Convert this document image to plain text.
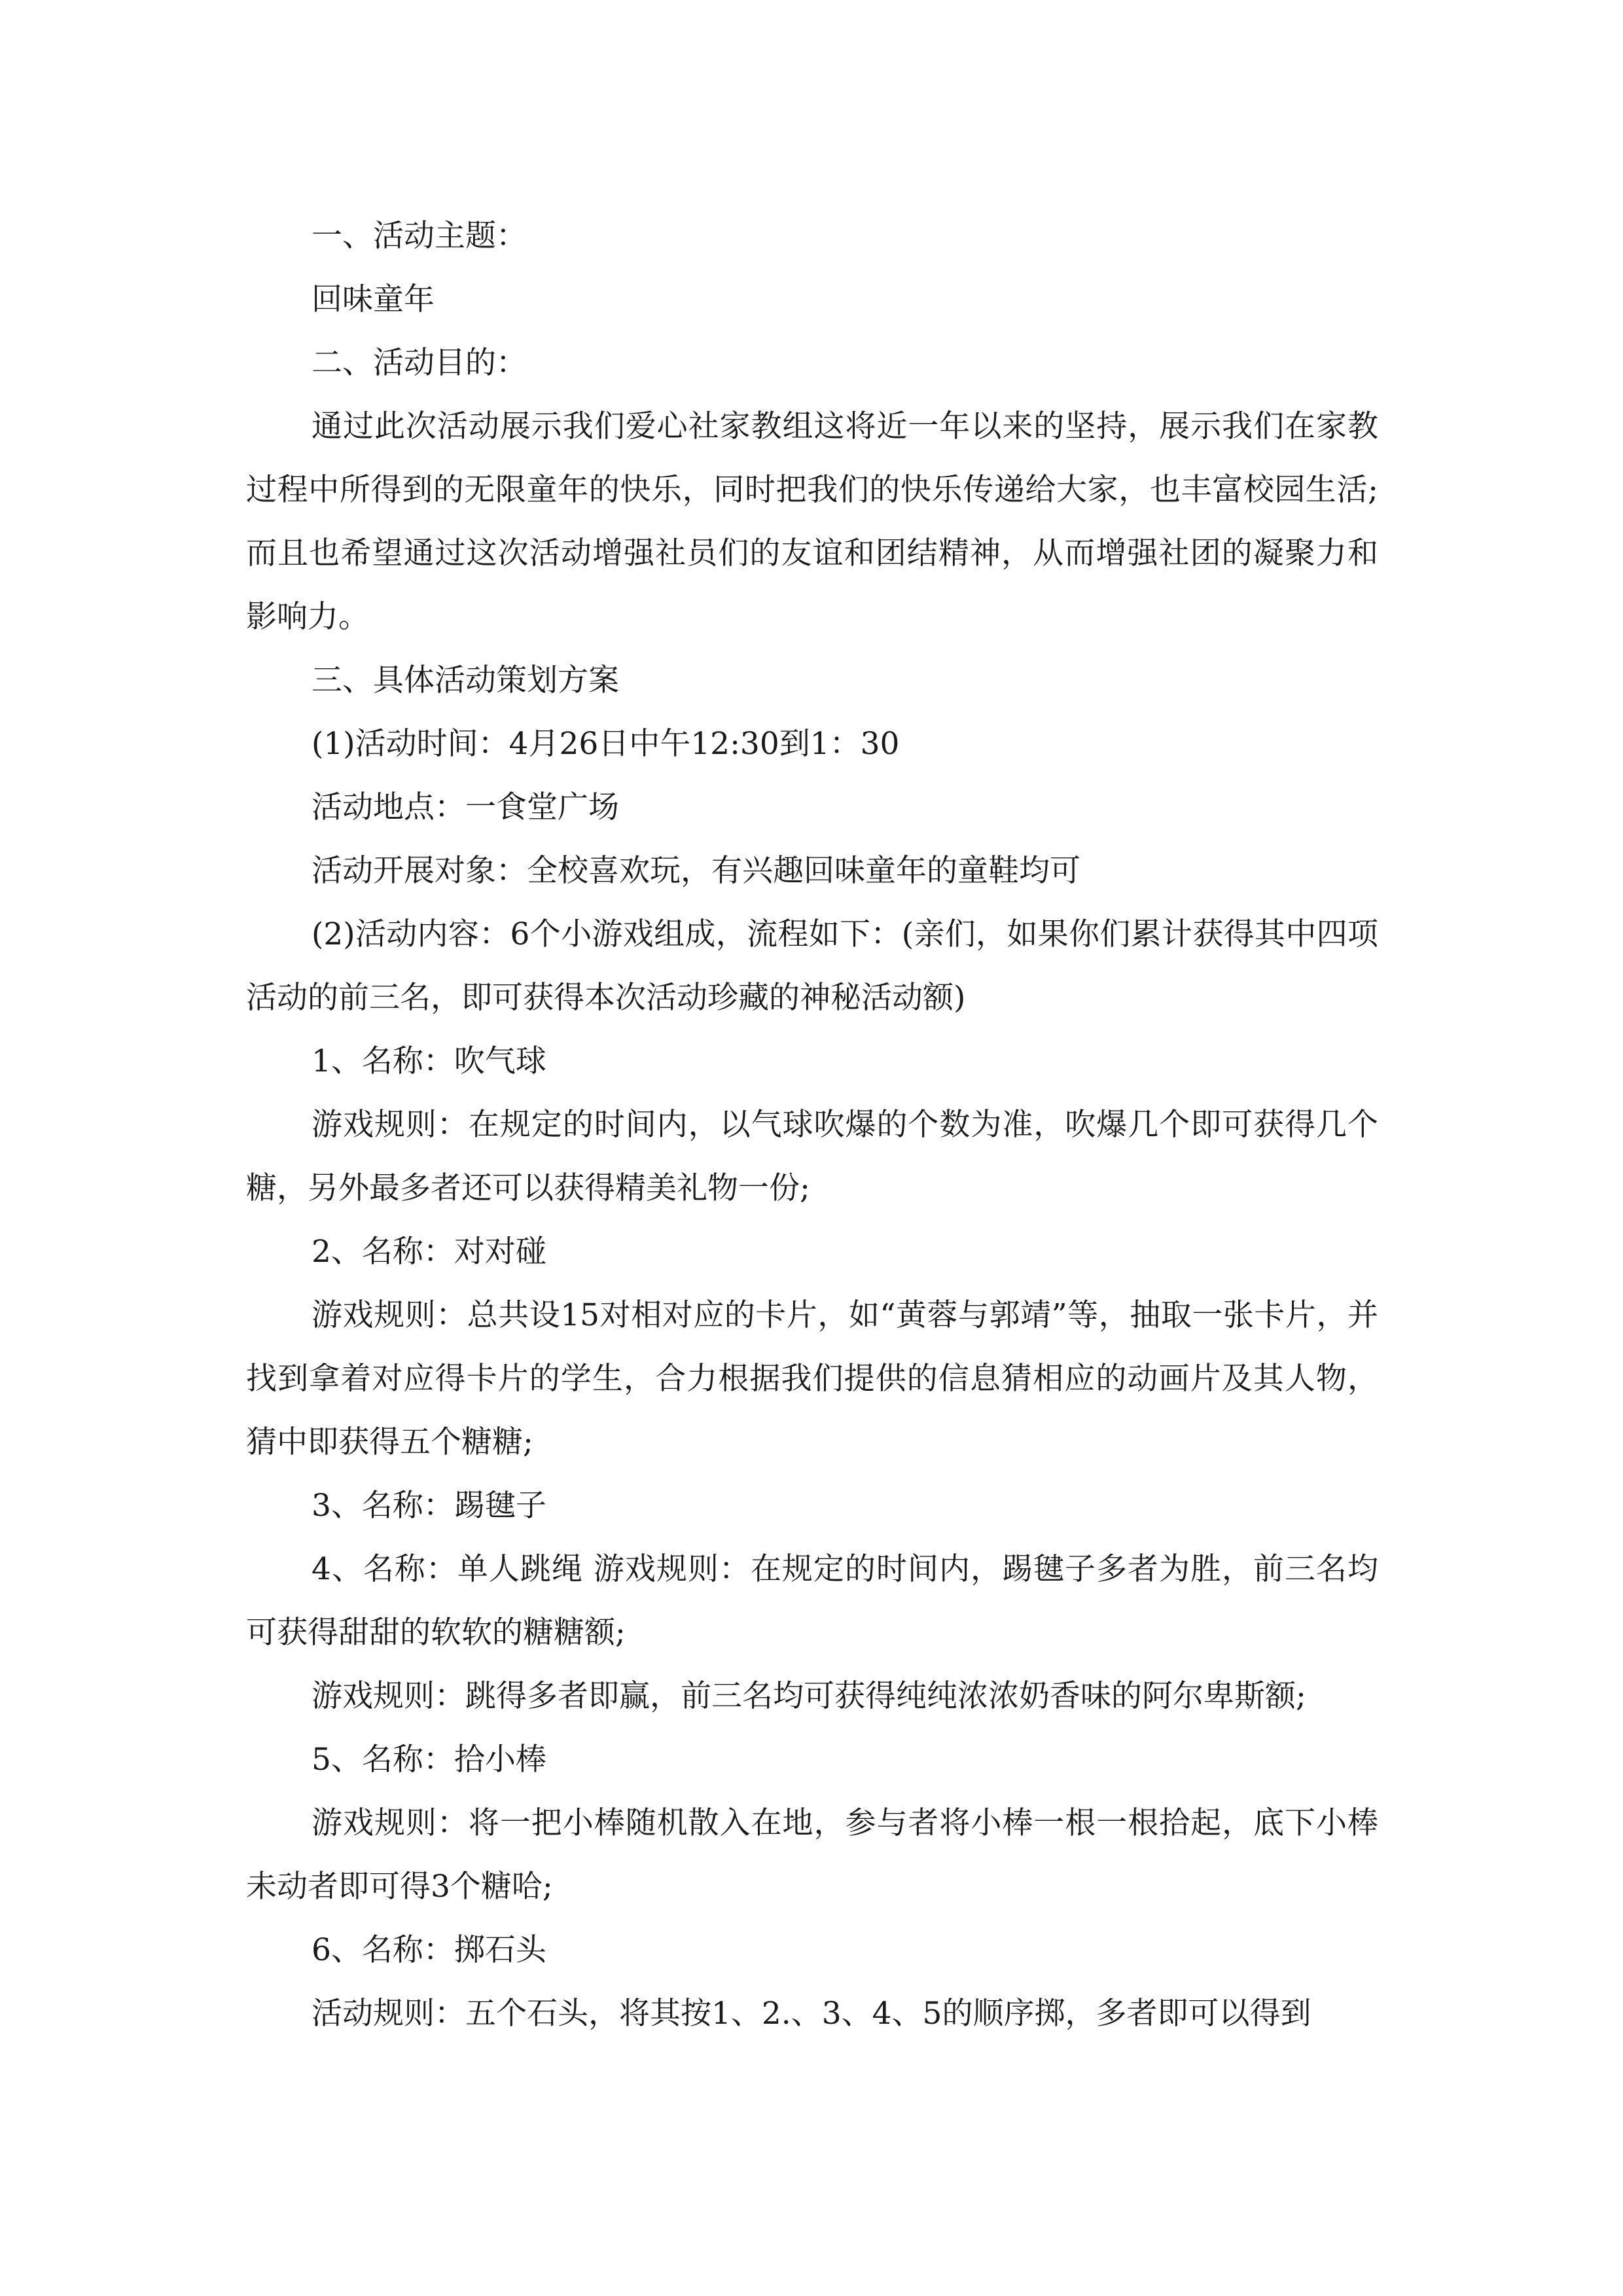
一、活动主题：

回味童年

二、活动目的：

通过此次活动展示我们爱心社家教组这将近一年以来的坚持，展示我们在家教过程中所得到的无限童年的快乐，同时把我们的快乐传递给大家，也丰富校园生活;而且也希望通过这次活动增强社员们的友谊和团结精神，从而增强社团的凝聚力和影响力。

三、具体活动策划方案

(1)活动时间：4月26日中午12:30到1：30

活动地点：一食堂广场

活动开展对象：全校喜欢玩，有兴趣回味童年的童鞋均可

(2)活动内容：6个小游戏组成，流程如下：(亲们，如果你们累计获得其中四项活动的前三名，即可获得本次活动珍藏的神秘活动额)

1、名称：吹气球

游戏规则：在规定的时间内，以气球吹爆的个数为准，吹爆几个即可获得几个糖，另外最多者还可以获得精美礼物一份;

2、名称：对对碰

游戏规则：总共设15对相对应的卡片，如“黄蓉与郭靖”等，抽取一张卡片，并找到拿着对应得卡片的学生，合力根据我们提供的信息猜相应的动画片及其人物，猜中即获得五个糖糖;

3、名称：踢毽子

4、名称：单人跳绳 游戏规则：在规定的时间内，踢毽子多者为胜，前三名均可获得甜甜的软软的糖糖额;

游戏规则：跳得多者即赢，前三名均可获得纯纯浓浓奶香味的阿尔卑斯额;

5、名称：拾小棒

游戏规则：将一把小棒随机散入在地，参与者将小棒一根一根拾起，底下小棒未动者即可得3个糖哈;

6、名称：掷石头

活动规则：五个石头，将其按1、2.、3、4、5的顺序掷，多者即可以得到
